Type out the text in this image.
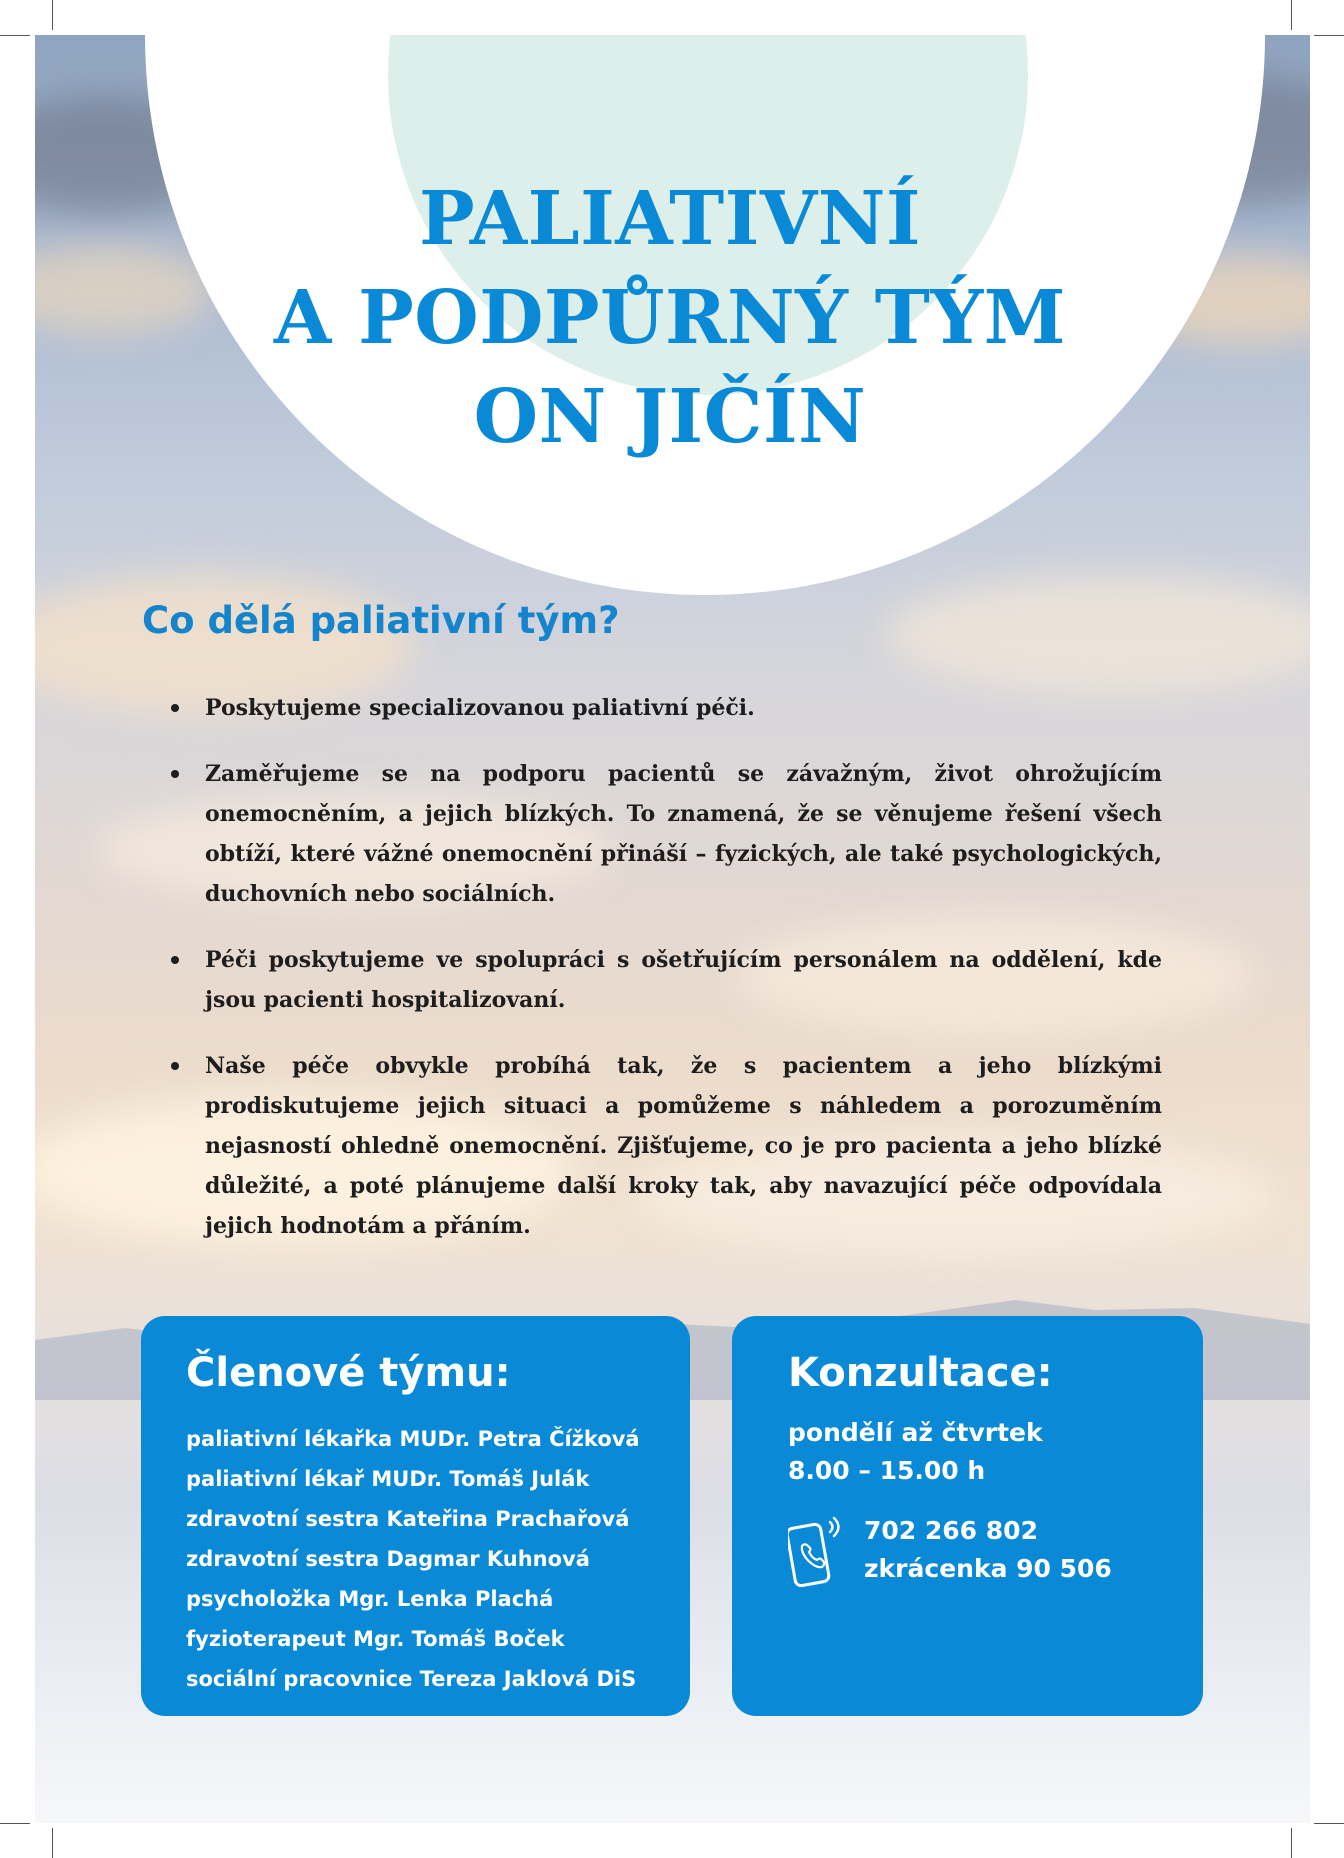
PALIATIVNÍ
A PODPŮRNÝ TÝM
ON JIČÍN
Co dělá paliativní tým?
Poskytujeme specializovanou paliativní péči.
Zaměřujeme se na podporu pacientů se závažným, život ohrožujícím onemocněním, a jejich blízkých. To znamená, že se věnujeme řešení všech obtíží, které vážné onemocnění přináší – fyzických, ale také psychologických, duchovních nebo sociálních.
Péči poskytujeme ve spolupráci s ošetřujícím personálem na oddělení, kde jsou pacienti hospitalizovaní.
Naše péče obvykle probíhá tak, že s pacientem a jeho blízkými prodiskutujeme jejich situaci a pomůžeme s náhledem a porozuměním nejasností ohledně onemocnění. Zjišťujeme, co je pro pacienta a jeho blízké důležité, a poté plánujeme další kroky tak, aby navazující péče odpovídala jejich hodnotám a přáním.
Členové týmu:
paliativní lékařka MUDr. Petra Čížková
paliativní lékař MUDr. Tomáš Julák
zdravotní sestra Kateřina Prachařová
zdravotní sestra Dagmar Kuhnová
psycholožka Mgr. Lenka Plachá
fyzioterapeut Mgr. Tomáš Boček
sociální pracovnice Tereza Jaklová DiS
Konzultace:
pondělí až čtvrtek
8.00 – 15.00 h
702 266 802
zkrácenka 90 506
